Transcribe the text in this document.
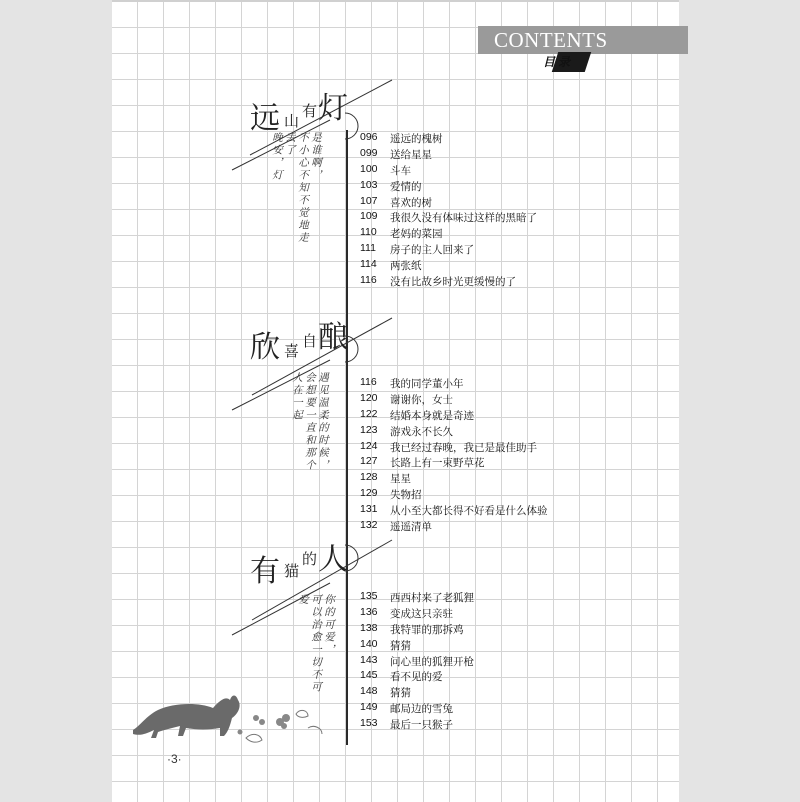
CONTENTS
目录
远 山
有 灯
是谁啊，
不小心不知不觉地走丢了
晚安，灯	096	遥远的槐树
099	送给星星
100	斗车
103	爱情的
107	喜欢的树
109	我很久没有体味过这样的黑暗了
110	老妈的菜园
111	房子的主人回来了
114	两张纸
116	没有比故乡时光更缓慢的了
欣 喜
自 酿
遇见温柔的时候，
会想要一直和那个人在一起	116	我的同学董小年
120	谢谢你，女士
122	结婚本身就是奇迹
123	游戏永不长久
124	我已经过春晚，我已是最佳助手
127	长路上有一束野草花
128	星星
129	失物招
131	从小至大都长得不好看是什么体验
132	遥遥清单
有 猫
的 人
你的可爱，
可以治愈一切不可爱	135	西西村来了老狐狸
136	变成这只亲驻
138	我特罪的那拆鸡
140	猜猜
143	问心里的狐狸开枪
145	看不见的爱
148	猜猜
149	邮局边的雪兔
153	最后一只猴子
·3·
